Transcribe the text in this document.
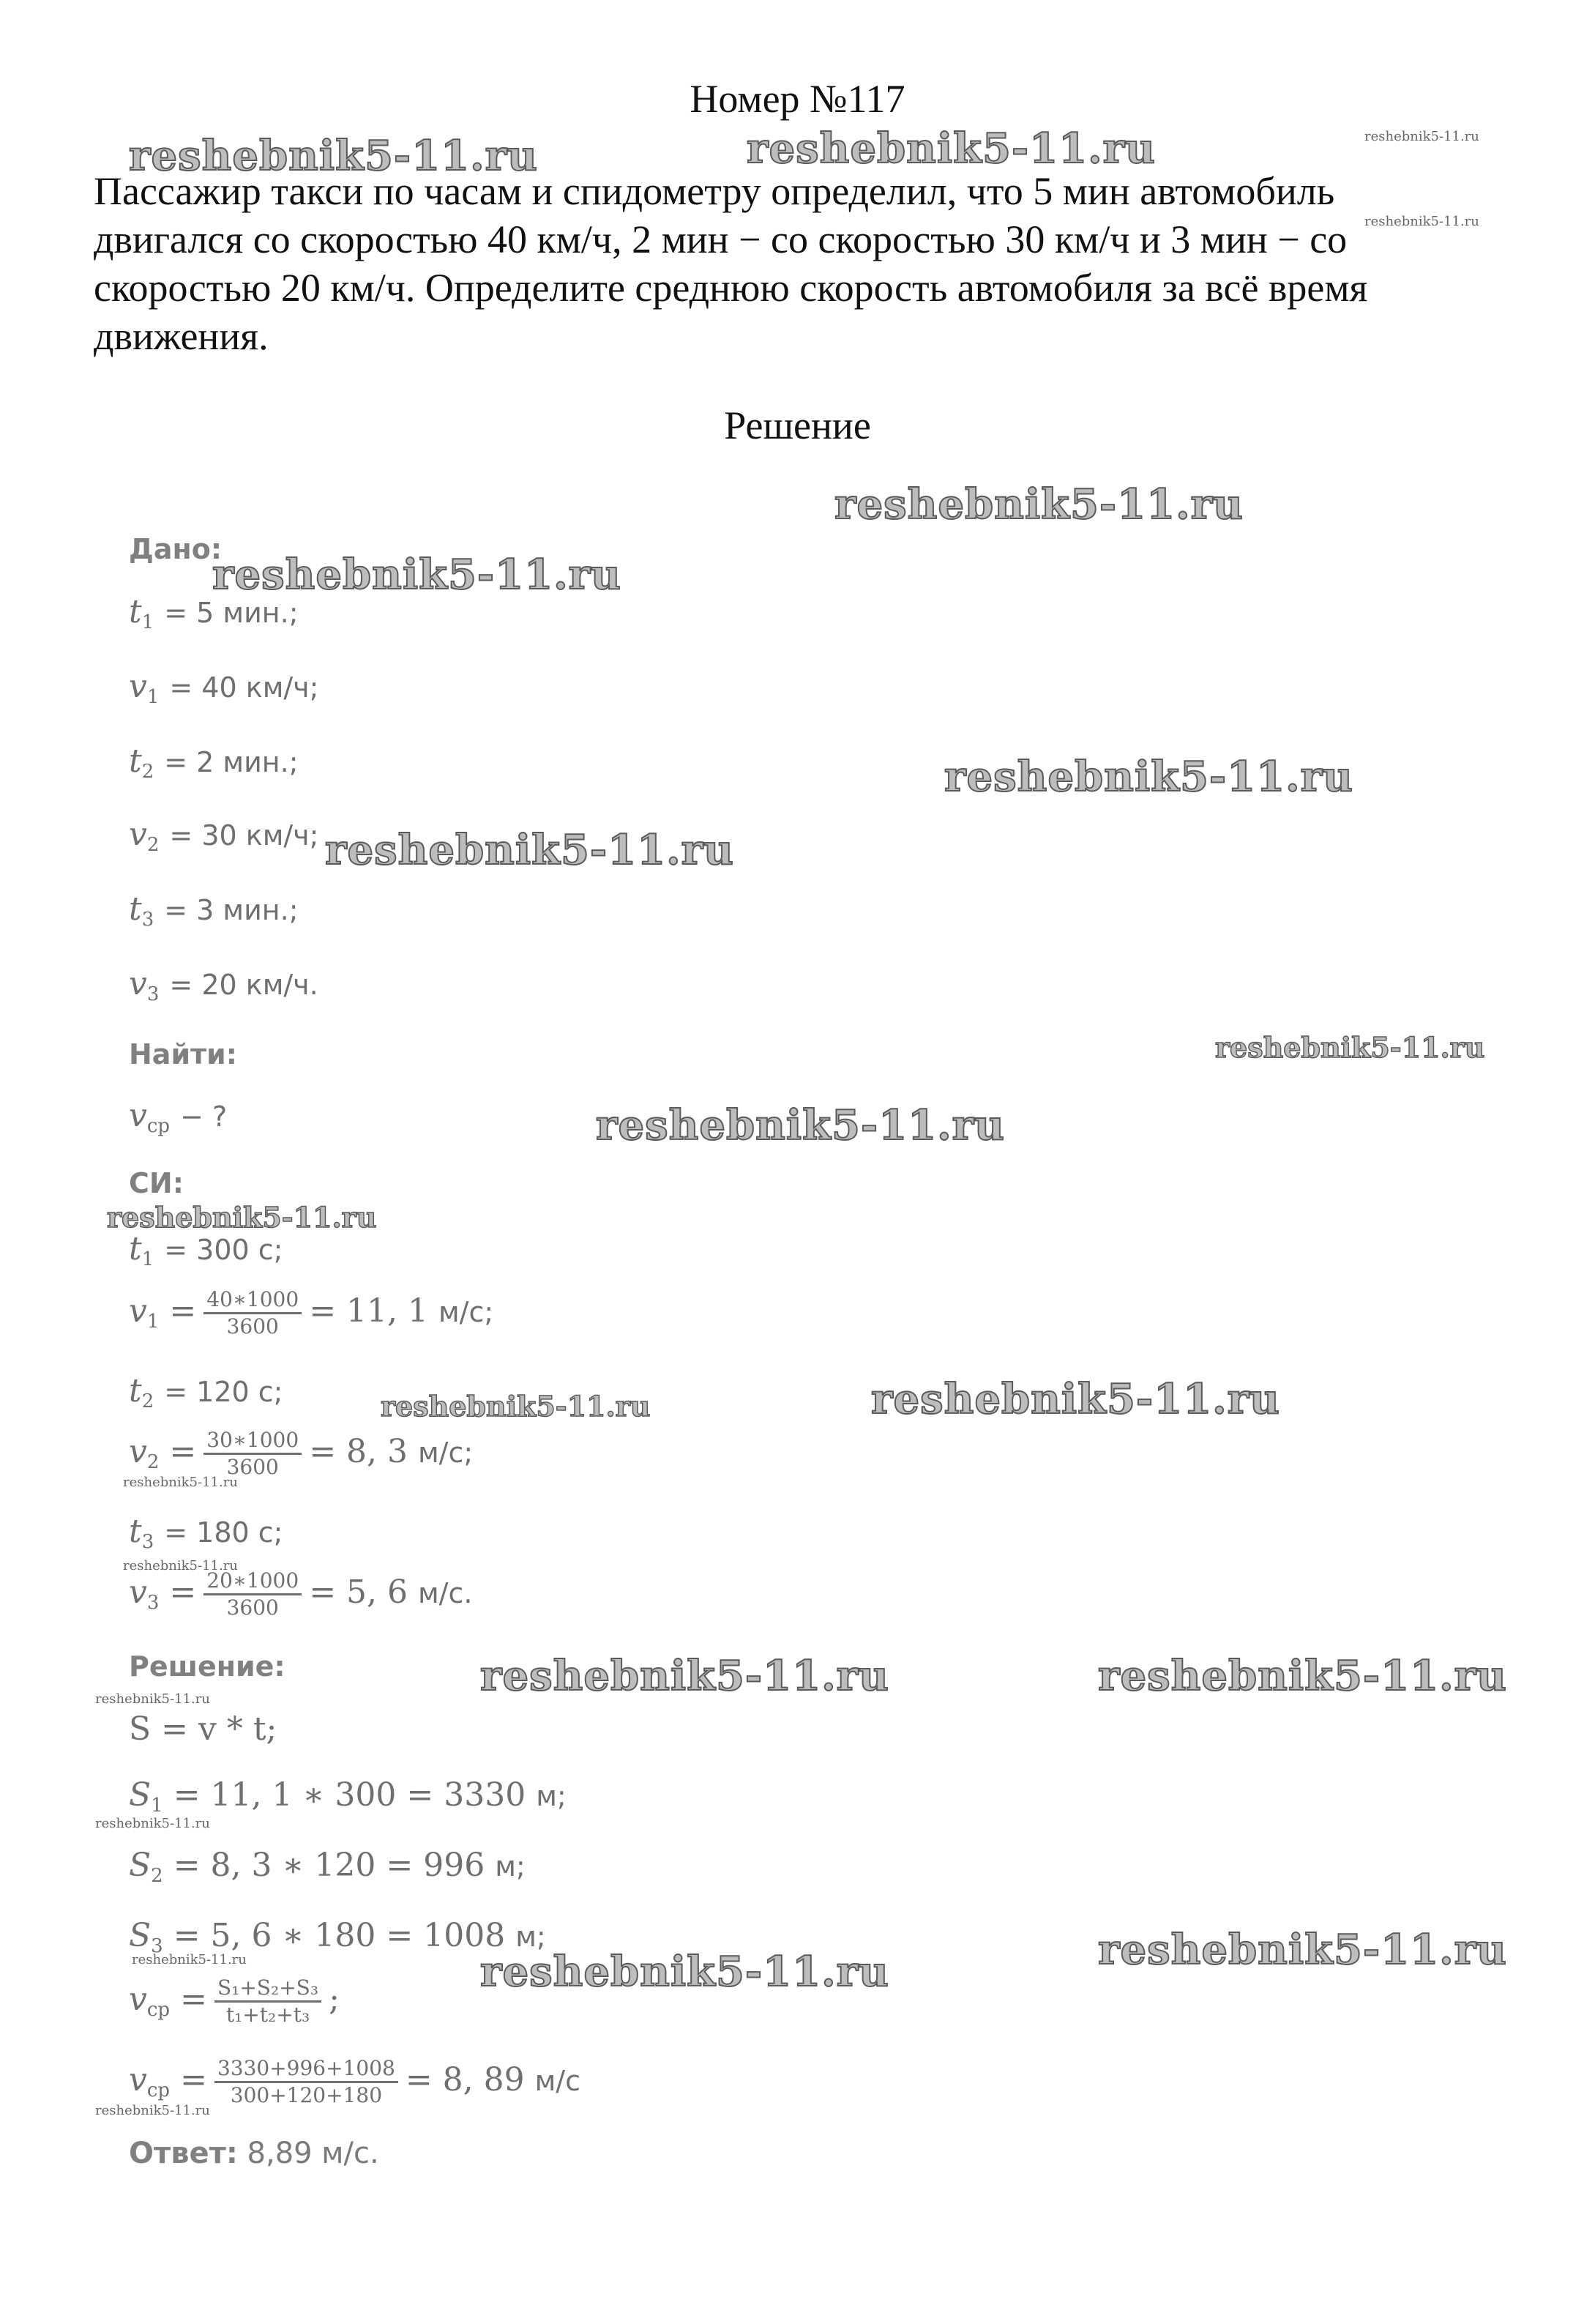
Номер №117
Пассажир такси по часам и спидометру определил, что 5 мин автомобиль
двигался со скоростью 40 км/ч, 2 мин − со скоростью 30 км/ч и 3 мин − со
скоростью 20 км/ч. Определите среднюю скорость автомобиля за всё время
движения.
Решение
Дано:
$t_1 = 5$ мин.;
$v_1 = 40$ км/ч;
$t_2 = 2$ мин.;
$v_2 = 30$ км/ч;
$t_3 = 3$ мин.;
$v_3 = 20$ км/ч.
Найти:
$v_{ср}$ − ?
СИ:
$t_1 = 300$ с;
$v_1 = \frac{40∗1000}{3600} = 11$, 1 м/с;
$t_2 = 120$ с;
$v_2 = \frac{30∗1000}{3600} = 8$, 3 м/с;
$t_3 = 180$ с;
$v_3 = \frac{20∗1000}{3600} = 5$, 6 м/с.
Решение:
S = v * t;
$S_1 = 11$, 1 ∗ 300 = 3330 м;
$S_2 = 8$, 3 ∗ 120 = 996 м;
$S_3 = 5$, 6 ∗ 180 = 1008 м;
$v_{ср} = \frac{\text{S₁+S₂+S₃}}{\text{t₁+t₂+t₃}}$ ;
$v_{ср} = \frac{3330+996+1008}{300+120+180} = 8$, 89 м/с
Ответ: 8,89 м/с.
reshebnik5-11.ru	reshebnik5-11.ru	reshebnik5-11.ru
reshebnik5-11.ru
reshebnik5-11.ru
reshebnik5-11.ru
reshebnik5-11.ru
reshebnik5-11.ru
reshebnik5-11.ru
reshebnik5-11.ru
reshebnik5-11.ru
reshebnik5-11.ru	reshebnik5-11.ru
reshebnik5-11.ru
reshebnik5-11.ru
reshebnik5-11.ru	reshebnik5-11.ru
reshebnik5-11.ru
reshebnik5-11.ru
reshebnik5-11.ru	reshebnik5-11.ru	reshebnik5-11.ru
reshebnik5-11.ru
